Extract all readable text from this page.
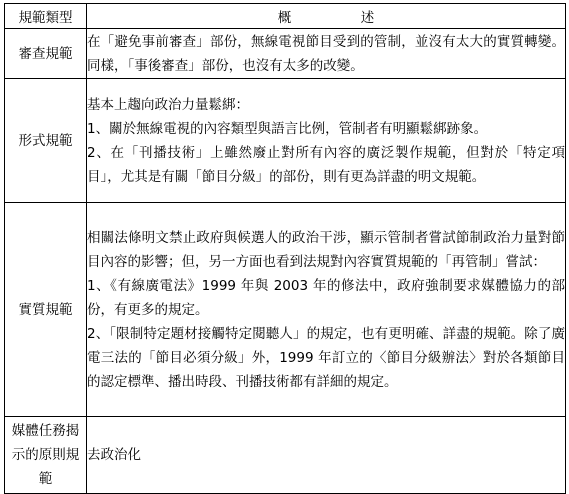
規範類型	概　述
審查規範	在「避免事前審查」部份，無線電視節目受到的管制，並沒有太大的實質轉變。同樣，「事後審查」部份，也沒有太多的改變。

形式規範	基本上趨向政治力量鬆綁：

1、關於無線電視的內容類型與語言比例，管制者有明顯鬆綁跡象。

2、在「刊播技術」上雖然廢止對所有內容的廣泛製作規範，但對於「特定項目」，尤其是有關「節目分級」的部份，則有更為詳盡的明文規範。

實質規範	相關法條明文禁止政府與候選人的政治干涉，顯示管制者嘗試節制政治力量對節目內容的影響；但，另一方面也看到法規對內容實質規範的「再管制」嘗試：

1、《有線廣電法》1999 年與 2003 年的修法中，政府強制要求媒體協力的部份，有更多的規定。

2、「限制特定題材接觸特定閱聽人」的規定，也有更明確、詳盡的規範。除了廣電三法的「節目必須分級」外，1999 年訂立的〈節目分級辦法〉對於各類節目的認定標準、播出時段、刊播技術都有詳細的規定。

媒體任務揭示的原則規範	去政治化
